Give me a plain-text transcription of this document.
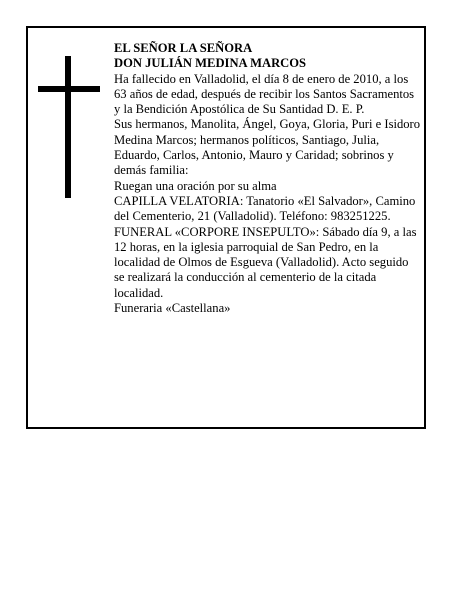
EL SEÑOR LA SEÑORA

DON JULIÁN MEDINA MARCOS

Ha fallecido en Valladolid, el día 8 de enero de 2010, a los 63 años de edad, después de recibir los Santos Sacramentos y la Bendición Apostólica de Su Santidad D. E. P.

Sus hermanos, Manolita, Ángel, Goya, Gloria, Puri e Isidoro Medina Marcos; hermanos políticos, Santiago, Julia, Eduardo, Carlos, Antonio, Mauro y Caridad; sobrinos y demás familia:

Ruegan una oración por su alma

CAPILLA VELATORIA: Tanatorio «El Salvador», Camino del Cementerio, 21 (Valladolid). Teléfono: 983251225.

FUNERAL «CORPORE INSEPULTO»: Sábado día 9, a las 12 horas, en la iglesia parroquial de San Pedro, en la localidad de Olmos de Esgueva (Valladolid). Acto seguido se realizará la conducción al cementerio de la citada localidad.

Funeraria «Castellana»
